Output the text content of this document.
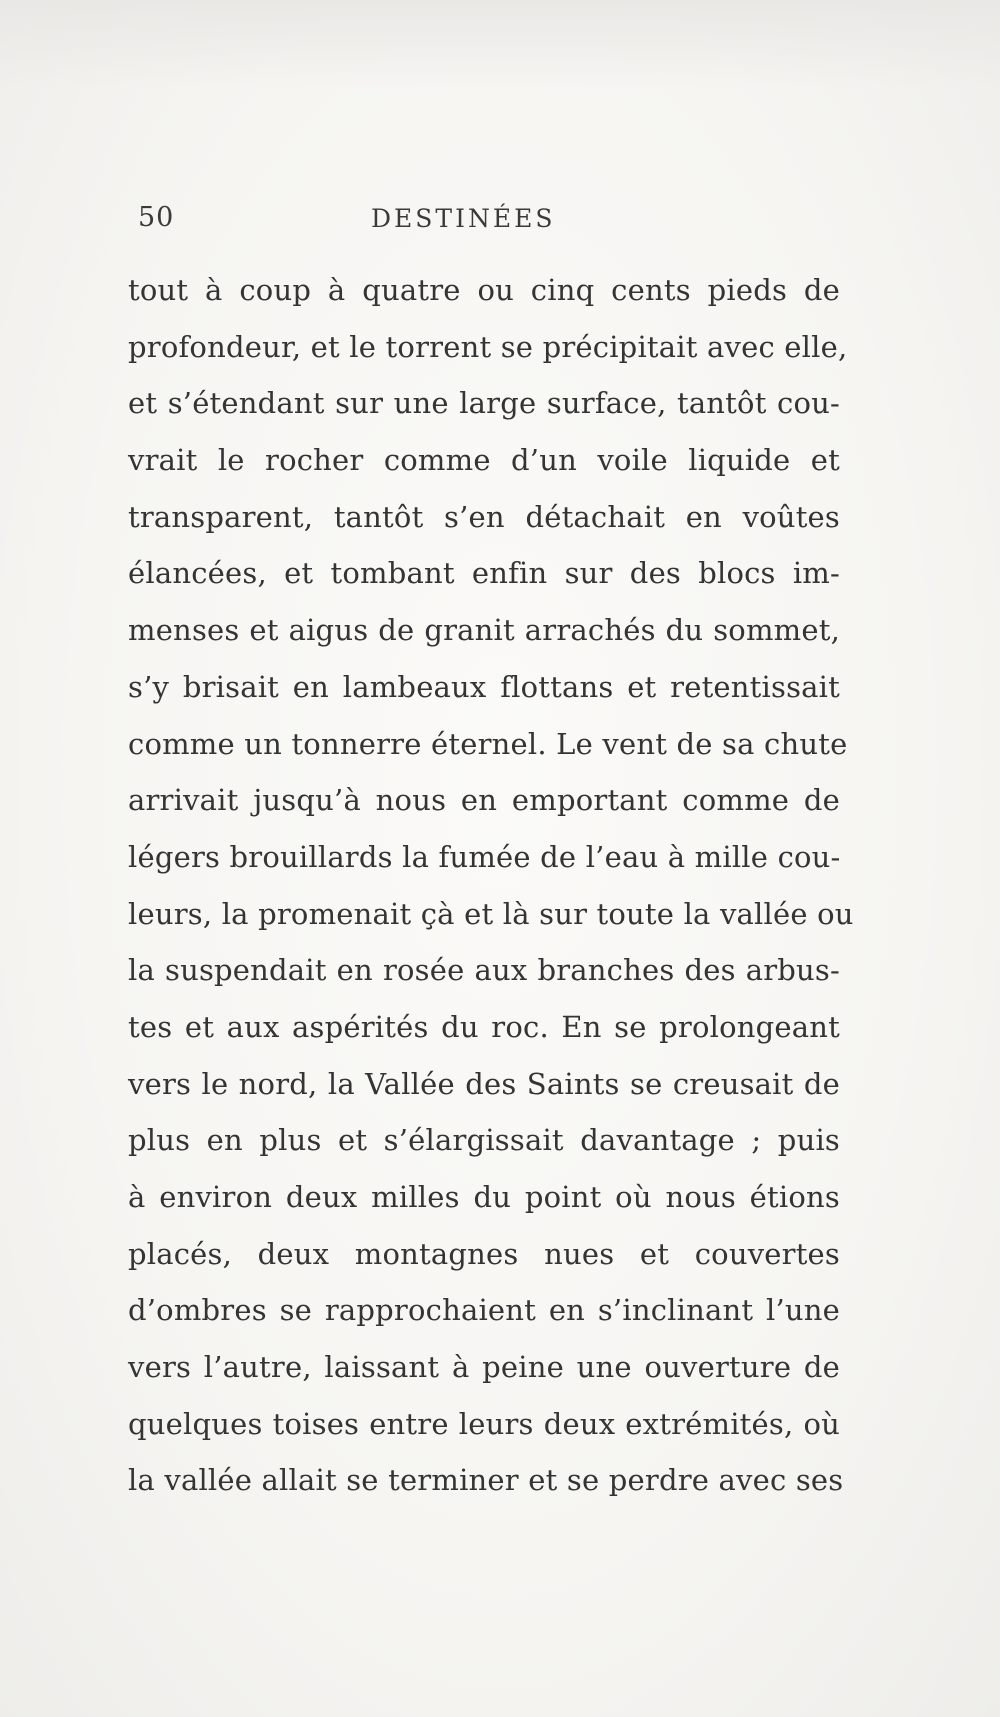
50	DESTINÉES
tout à coup à quatre ou cinq cents pieds de
profondeur, et le torrent se précipitait avec elle,
et s’étendant sur une large surface, tantôt cou-
vrait le rocher comme d’un voile liquide et
transparent, tantôt s’en détachait en voûtes
élancées, et tombant enfin sur des blocs im-
menses et aigus de granit arrachés du sommet,
s’y brisait en lambeaux flottans et retentissait
comme un tonnerre éternel. Le vent de sa chute
arrivait jusqu’à nous en emportant comme de
légers brouillards la fumée de l’eau à mille cou-
leurs, la promenait çà et là sur toute la vallée ou
la suspendait en rosée aux branches des arbus-
tes et aux aspérités du roc. En se prolongeant
vers le nord, la Vallée des Saints se creusait de
plus en plus et s’élargissait davantage ; puis
à environ deux milles du point où nous étions
placés, deux montagnes nues et couvertes
d’ombres se rapprochaient en s’inclinant l’une
vers l’autre, laissant à peine une ouverture de
quelques toises entre leurs deux extrémités, où
la vallée allait se terminer et se perdre avec ses
